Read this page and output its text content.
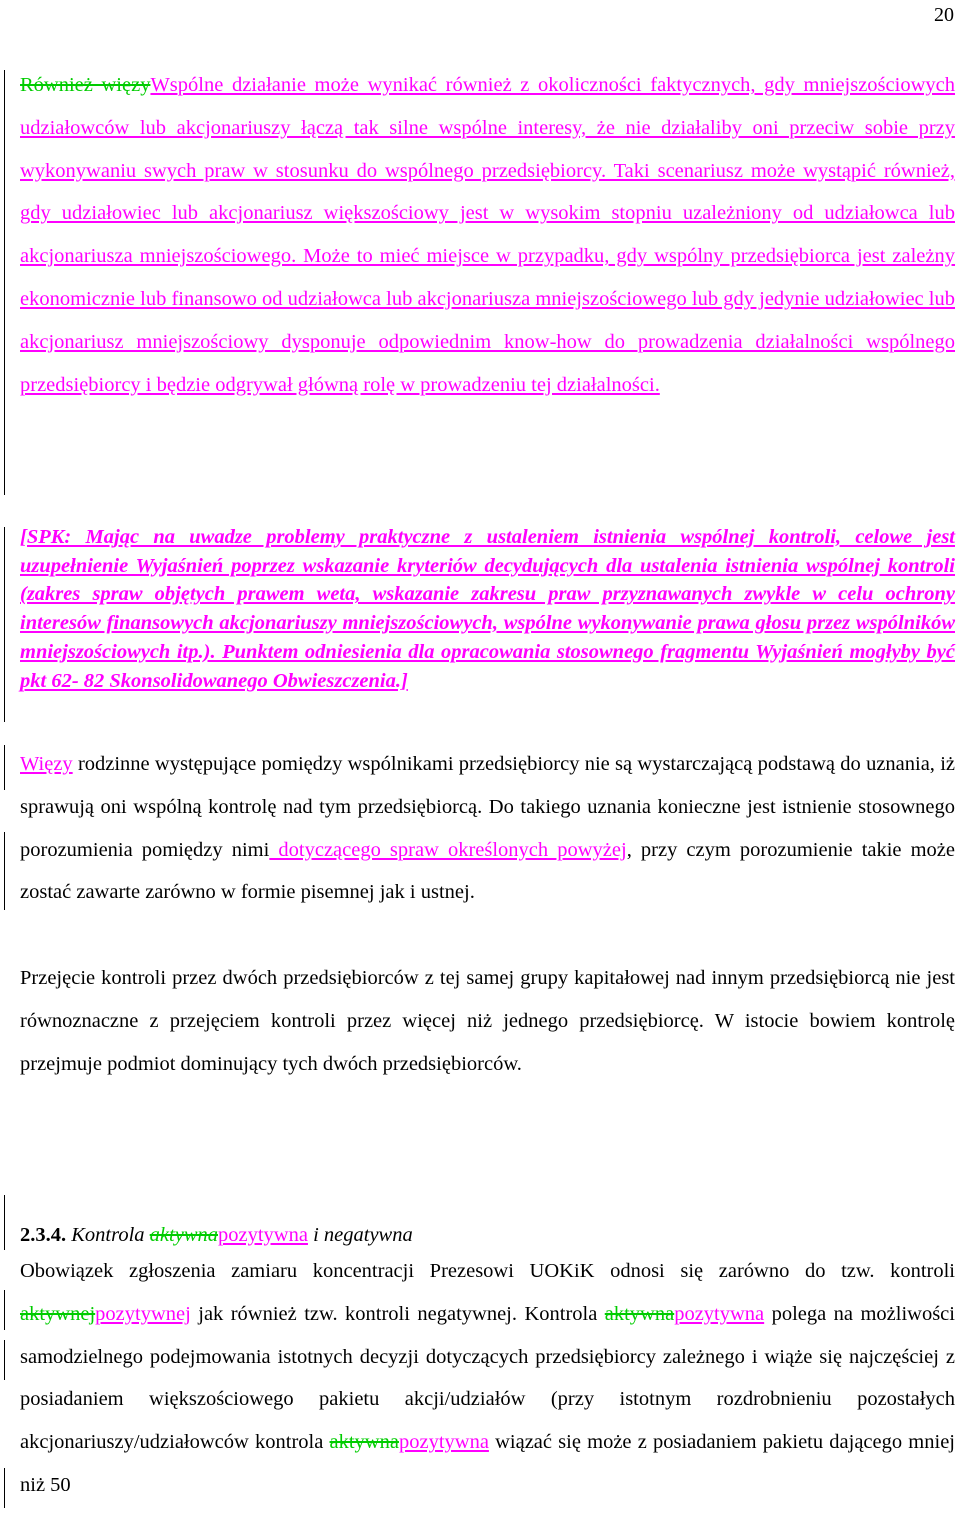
20

Również więzyWspólne działanie może wynikać również z okoliczności faktycznych, gdy mniejszościowych udziałowców lub akcjonariuszy łączą tak silne wspólne interesy, że nie działaliby oni przeciw sobie przy wykonywaniu swych praw w stosunku do wspólnego przedsiębiorcy. Taki scenariusz może wystąpić również, gdy udziałowiec lub akcjonariusz większościowy jest w wysokim stopniu uzależniony od udziałowca lub akcjonariusza mniejszościowego. Może to mieć miejsce w przypadku, gdy wspólny przedsiębiorca jest zależny ekonomicznie lub finansowo od udziałowca lub akcjonariusza mniejszościowego lub gdy jedynie udziałowiec lub akcjonariusz mniejszościowy dysponuje odpowiednim know-how do prowadzenia działalności wspólnego przedsiębiorcy i będzie odgrywał główną rolę w prowadzeniu tej działalności.

[SPK: Mając na uwadze problemy praktyczne z ustaleniem istnienia wspólnej kontroli, celowe jest uzupełnienie Wyjaśnień poprzez wskazanie kryteriów decydujących dla ustalenia istnienia wspólnej kontroli (zakres spraw objętych prawem weta, wskazanie zakresu praw przyznawanych zwykle w celu ochrony interesów finansowych akcjonariuszy mniejszościowych, wspólne wykonywanie prawa głosu przez wspólników mniejszościowych itp.). Punktem odniesienia dla opracowania stosownego fragmentu Wyjaśnień mogłyby być pkt 62- 82 Skonsolidowanego Obwieszczenia.]

Więzy rodzinne występujące pomiędzy wspólnikami przedsiębiorcy nie są wystarczającą podstawą do uznania, iż sprawują oni wspólną kontrolę nad tym przedsiębiorcą. Do takiego uznania konieczne jest istnienie stosownego porozumienia pomiędzy nimi dotyczącego spraw określonych powyżej, przy czym porozumienie takie może zostać zawarte zarówno w formie pisemnej jak i ustnej.

Przejęcie kontroli przez dwóch przedsiębiorców z tej samej grupy kapitałowej nad innym przedsiębiorcą nie jest równoznaczne z przejęciem kontroli przez więcej niż jednego przedsiębiorcę. W istocie bowiem kontrolę przejmuje podmiot dominujący tych dwóch przedsiębiorców.

2.3.4. Kontrola aktywnapozytywna i negatywna

Obowiązek zgłoszenia zamiaru koncentracji Prezesowi UOKiK odnosi się zarówno do tzw. kontroli aktywnejpozytywnej jak również tzw. kontroli negatywnej. Kontrola aktywnapozytywna polega na możliwości samodzielnego podejmowania istotnych decyzji dotyczących przedsiębiorcy zależnego i wiąże się najczęściej z posiadaniem większościowego pakietu akcji/udziałów (przy istotnym rozdrobnieniu pozostałych akcjonariuszy/udziałowców kontrola aktywnapozytywna wiązać się może z posiadaniem pakietu dającego mniej niż 50
